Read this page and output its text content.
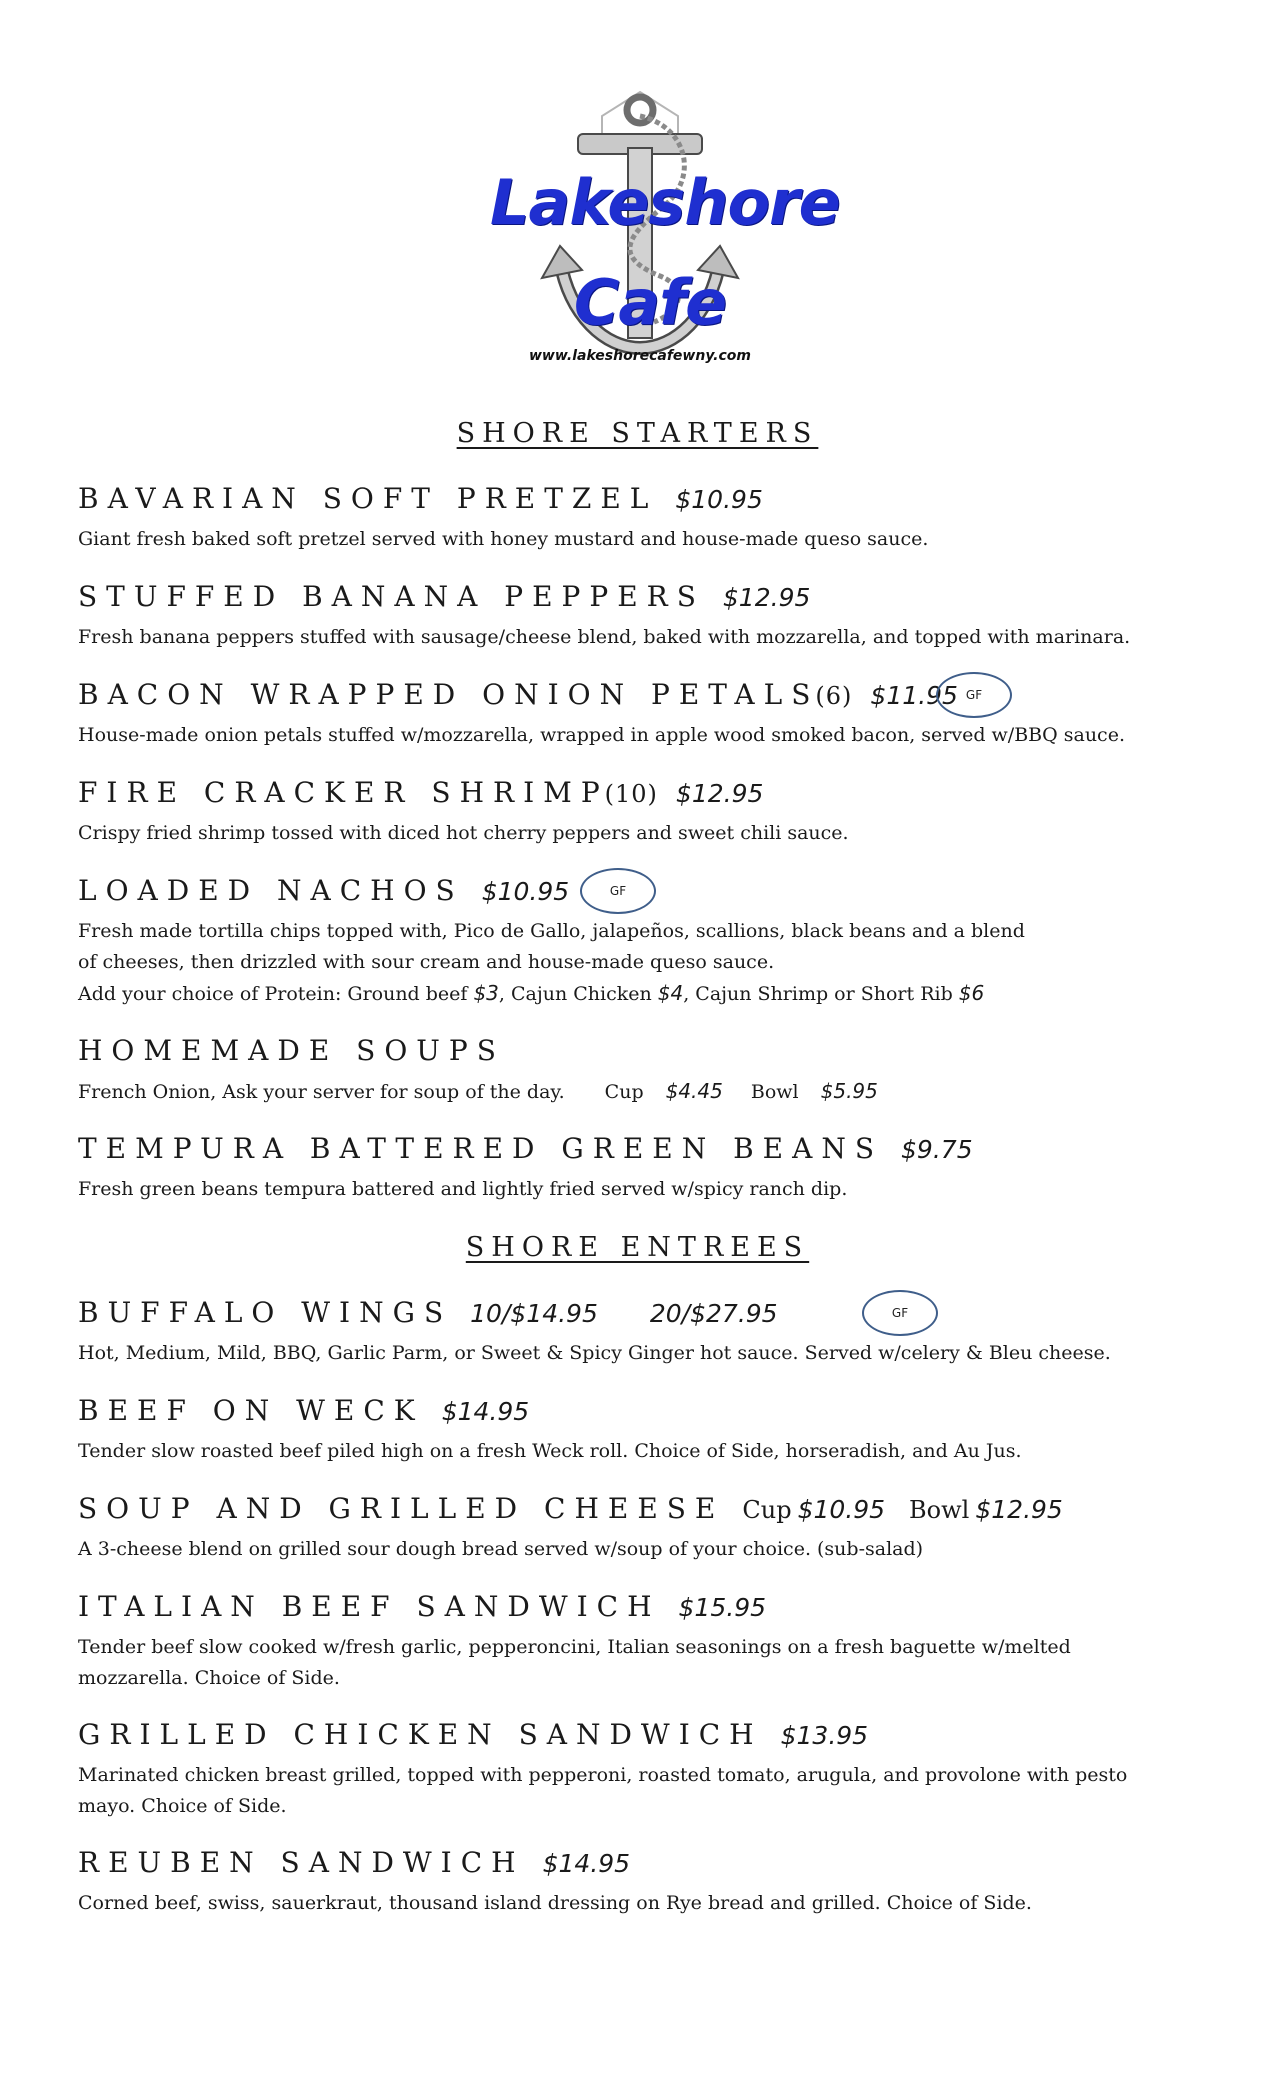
Lakeshore
Cafe
www.lakeshorecafewny.com
SHORE STARTERS
BAVARIAN SOFT PRETZEL $10.95
Giant fresh baked soft pretzel served with honey mustard and house-made queso sauce.
STUFFED BANANA PEPPERS $12.95
Fresh banana peppers stuffed with sausage/cheese blend, baked with mozzarella, and topped with marinara.
BACON WRAPPED ONION PETALS(6) $11.95 GF
House-made onion petals stuffed w/mozzarella, wrapped in apple wood smoked bacon, served w/BBQ sauce.
FIRE CRACKER SHRIMP(10) $12.95
Crispy fried shrimp tossed with diced hot cherry peppers and sweet chili sauce.
LOADED NACHOS $10.95	GF
Fresh made tortilla chips topped with, Pico de Gallo, jalapeños, scallions, black beans and a blend
of cheeses, then drizzled with sour cream and house-made queso sauce.
Add your choice of Protein: Ground beef $3, Cajun Chicken $4, Cajun Shrimp or Short Rib $6
HOMEMADE SOUPS
French Onion, Ask your server for soup of the day. Cup $4.45 Bowl $5.95
TEMPURA BATTERED GREEN BEANS $9.75
Fresh green beans tempura battered and lightly fried served w/spicy ranch dip.
SHORE ENTREES
BUFFALO WINGS 10/$14.95 20/$27.95	GF
Hot, Medium, Mild, BBQ, Garlic Parm, or Sweet & Spicy Ginger hot sauce. Served w/celery & Bleu cheese.
BEEF ON WECK $14.95
Tender slow roasted beef piled high on a fresh Weck roll. Choice of Side, horseradish, and Au Jus.
SOUP AND GRILLED CHEESE Cup $10.95 Bowl $12.95
A 3-cheese blend on grilled sour dough bread served w/soup of your choice. (sub-salad)
ITALIAN BEEF SANDWICH $15.95
Tender beef slow cooked w/fresh garlic, pepperoncini, Italian seasonings on a fresh baguette w/melted
mozzarella. Choice of Side.
GRILLED CHICKEN SANDWICH $13.95
Marinated chicken breast grilled, topped with pepperoni, roasted tomato, arugula, and provolone with pesto
mayo. Choice of Side.
REUBEN SANDWICH $14.95
Corned beef, swiss, sauerkraut, thousand island dressing on Rye bread and grilled. Choice of Side.
